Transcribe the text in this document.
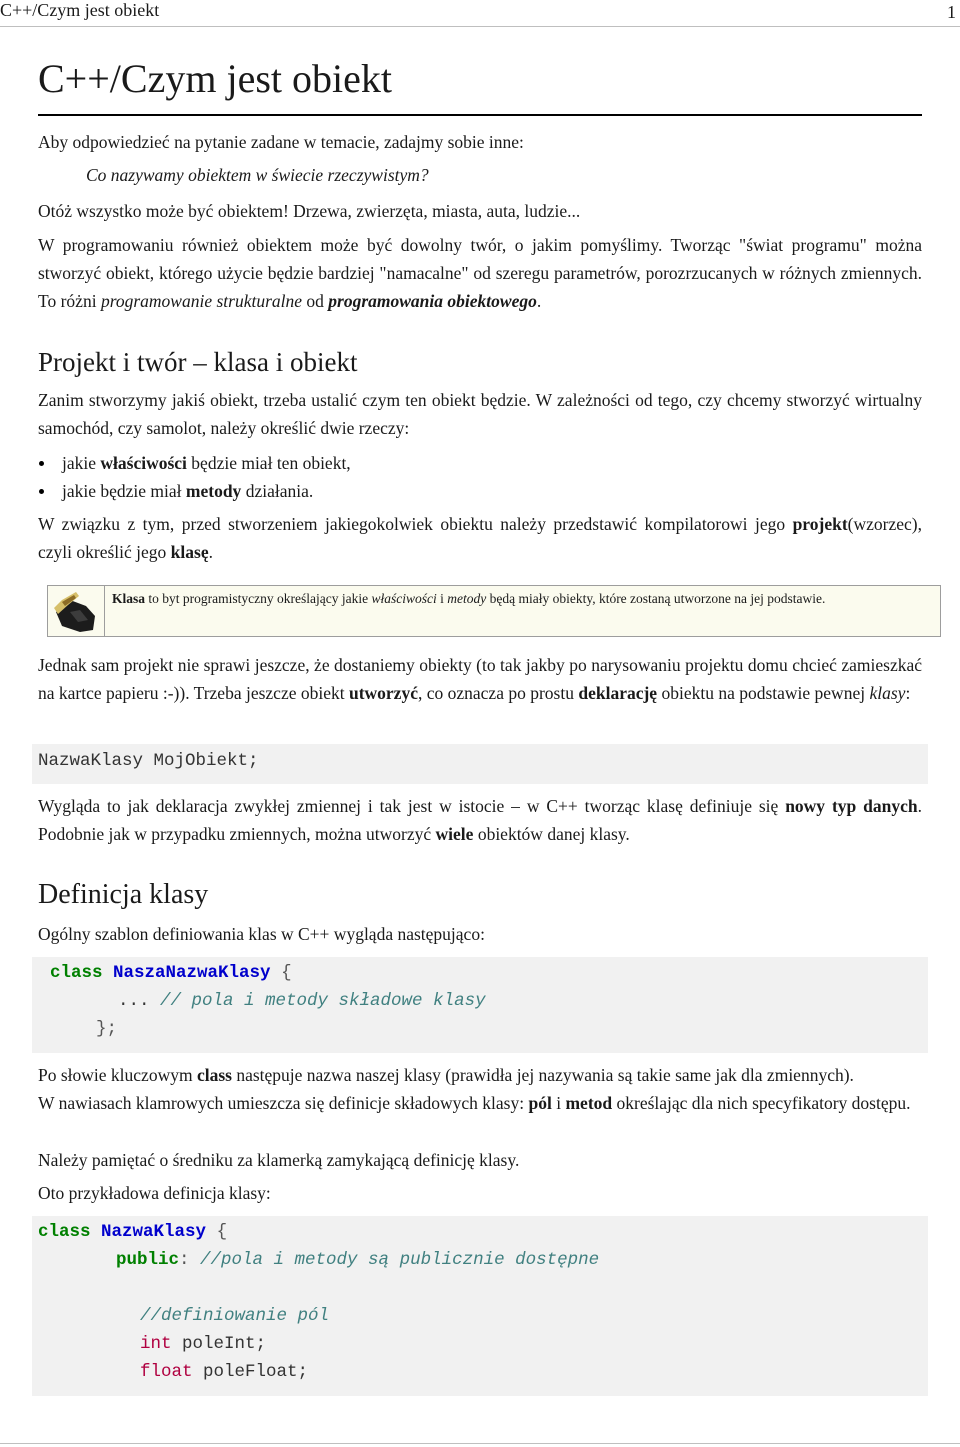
C++/Czym jest obiekt	1
C++/Czym jest obiekt

Aby odpowiedzieć na pytanie zadane w temacie, zadajmy sobie inne:

Co nazywamy obiektem w świecie rzeczywistym?

Otóż wszystko może być obiektem! Drzewa, zwierzęta, miasta, auta, ludzie...

W programowaniu również obiektem może być dowolny twór, o jakim pomyślimy. Tworząc "świat programu" można stworzyć obiekt, którego użycie będzie bardziej "namacalne" od szeregu parametrów, porozrzucanych w różnych zmiennych. To różni programowanie strukturalne od programowania obiektowego.

Projekt i twór – klasa i obiekt

Zanim stworzymy jakiś obiekt, trzeba ustalić czym ten obiekt będzie. W zależności od tego, czy chcemy stworzyć wirtualny samochód, czy samolot, należy określić dwie rzeczy:

jakie właściwości będzie miał ten obiekt,
jakie będzie miał metody działania.

W związku z tym, przed stworzeniem jakiegokolwiek obiektu należy przedstawić kompilatorowi jego projekt(wzorzec), czyli określić jego klasę.

Klasa to byt programistyczny określający jakie właściwości i metody będą miały obiekty, które zostaną utworzone na jej podstawie.

Jednak sam projekt nie sprawi jeszcze, że dostaniemy obiekty (to tak jakby po narysowaniu projektu domu chcieć zamieszkać na kartce papieru :-)). Trzeba jeszcze obiekt utworzyć, co oznacza po prostu deklarację obiektu na podstawie pewnej klasy:

NazwaKlasy MojObiekt;

Wygląda to jak deklaracja zwykłej zmiennej i tak jest w istocie – w C++ tworząc klasę definiuje się nowy typ danych. Podobnie jak w przypadku zmiennych, można utworzyć wiele obiektów danej klasy.

Definicja klasy

Ogólny szablon definiowania klas w C++ wygląda następująco:

class NaszaNazwaKlasy {

... // pola i metody składowe klasy

};

Po słowie kluczowym class następuje nazwa naszej klasy (prawidła jej nazywania są takie same jak dla zmiennych).

W nawiasach klamrowych umieszcza się definicje składowych klasy: pól i metod określając dla nich specyfikatory dostępu.

Należy pamiętać o średniku za klamerką zamykającą definicję klasy.

Oto przykładowa definicja klasy:

class NazwaKlasy {

public: //pola i metody są publicznie dostępne

//definiowanie pól

int poleInt;

float poleFloat;
